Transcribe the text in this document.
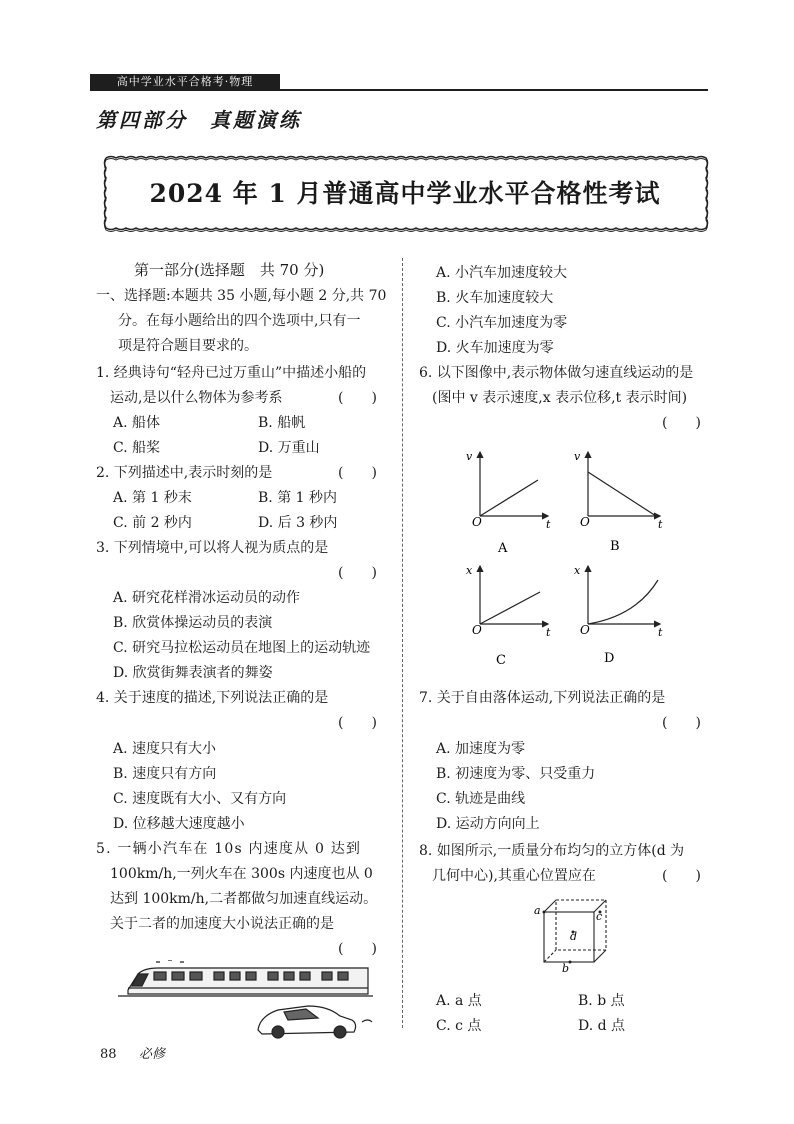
高中学业水平合格考·物理
第四部分 真题演练
2024 年 1 月普通高中学业水平合格性考试
第一部分(选择题　共 70 分)
一、选择题:本题共 35 小题,每小题 2 分,共 70
分。在每小题给出的四个选项中,只有一
项是符合题目要求的。
1. 经典诗句“轻舟已过万重山”中描述小船的
运动,是以什么物体为参考系	(　　)
A. 船体	B. 船帆
C. 船桨	D. 万重山
2. 下列描述中,表示时刻的是	(　　)
A. 第 1 秒末	B. 第 1 秒内
C. 前 2 秒内	D. 后 3 秒内
3. 下列情境中,可以将人视为质点的是
(　　)
A. 研究花样滑冰运动员的动作
B. 欣赏体操运动员的表演
C. 研究马拉松运动员在地图上的运动轨迹
D. 欣赏街舞表演者的舞姿
4. 关于速度的描述,下列说法正确的是
(　　)
A. 速度只有大小
B. 速度只有方向
C. 速度既有大小、又有方向
D. 位移越大速度越小
5. 一辆小汽车在 10s 内速度从 0 达到
100km/h,一列火车在 300s 内速度也从 0
达到 100km/h,二者都做匀加速直线运动。
关于二者的加速度大小说法正确的是
(　　)
A. 小汽车加速度较大
B. 火车加速度较大
C. 小汽车加速度为零
D. 火车加速度为零
6. 以下图像中,表示物体做匀速直线运动的是
(图中 v 表示速度,x 表示位移,t 表示时间)
(　　)
v
t
O
A
v
t
O
B
x
t
O
C
x
t
O
D
7. 关于自由落体运动,下列说法正确的是
(　　)
A. 加速度为零
B. 初速度为零、只受重力
C. 轨迹是曲线
D. 运动方向向上
8. 如图所示,一质量分布均匀的立方体(d 为
几何中心),其重心位置应在	(　　)
a	c
d
b
A. a 点	B. b 点
C. c 点	D. d 点
88 必修
